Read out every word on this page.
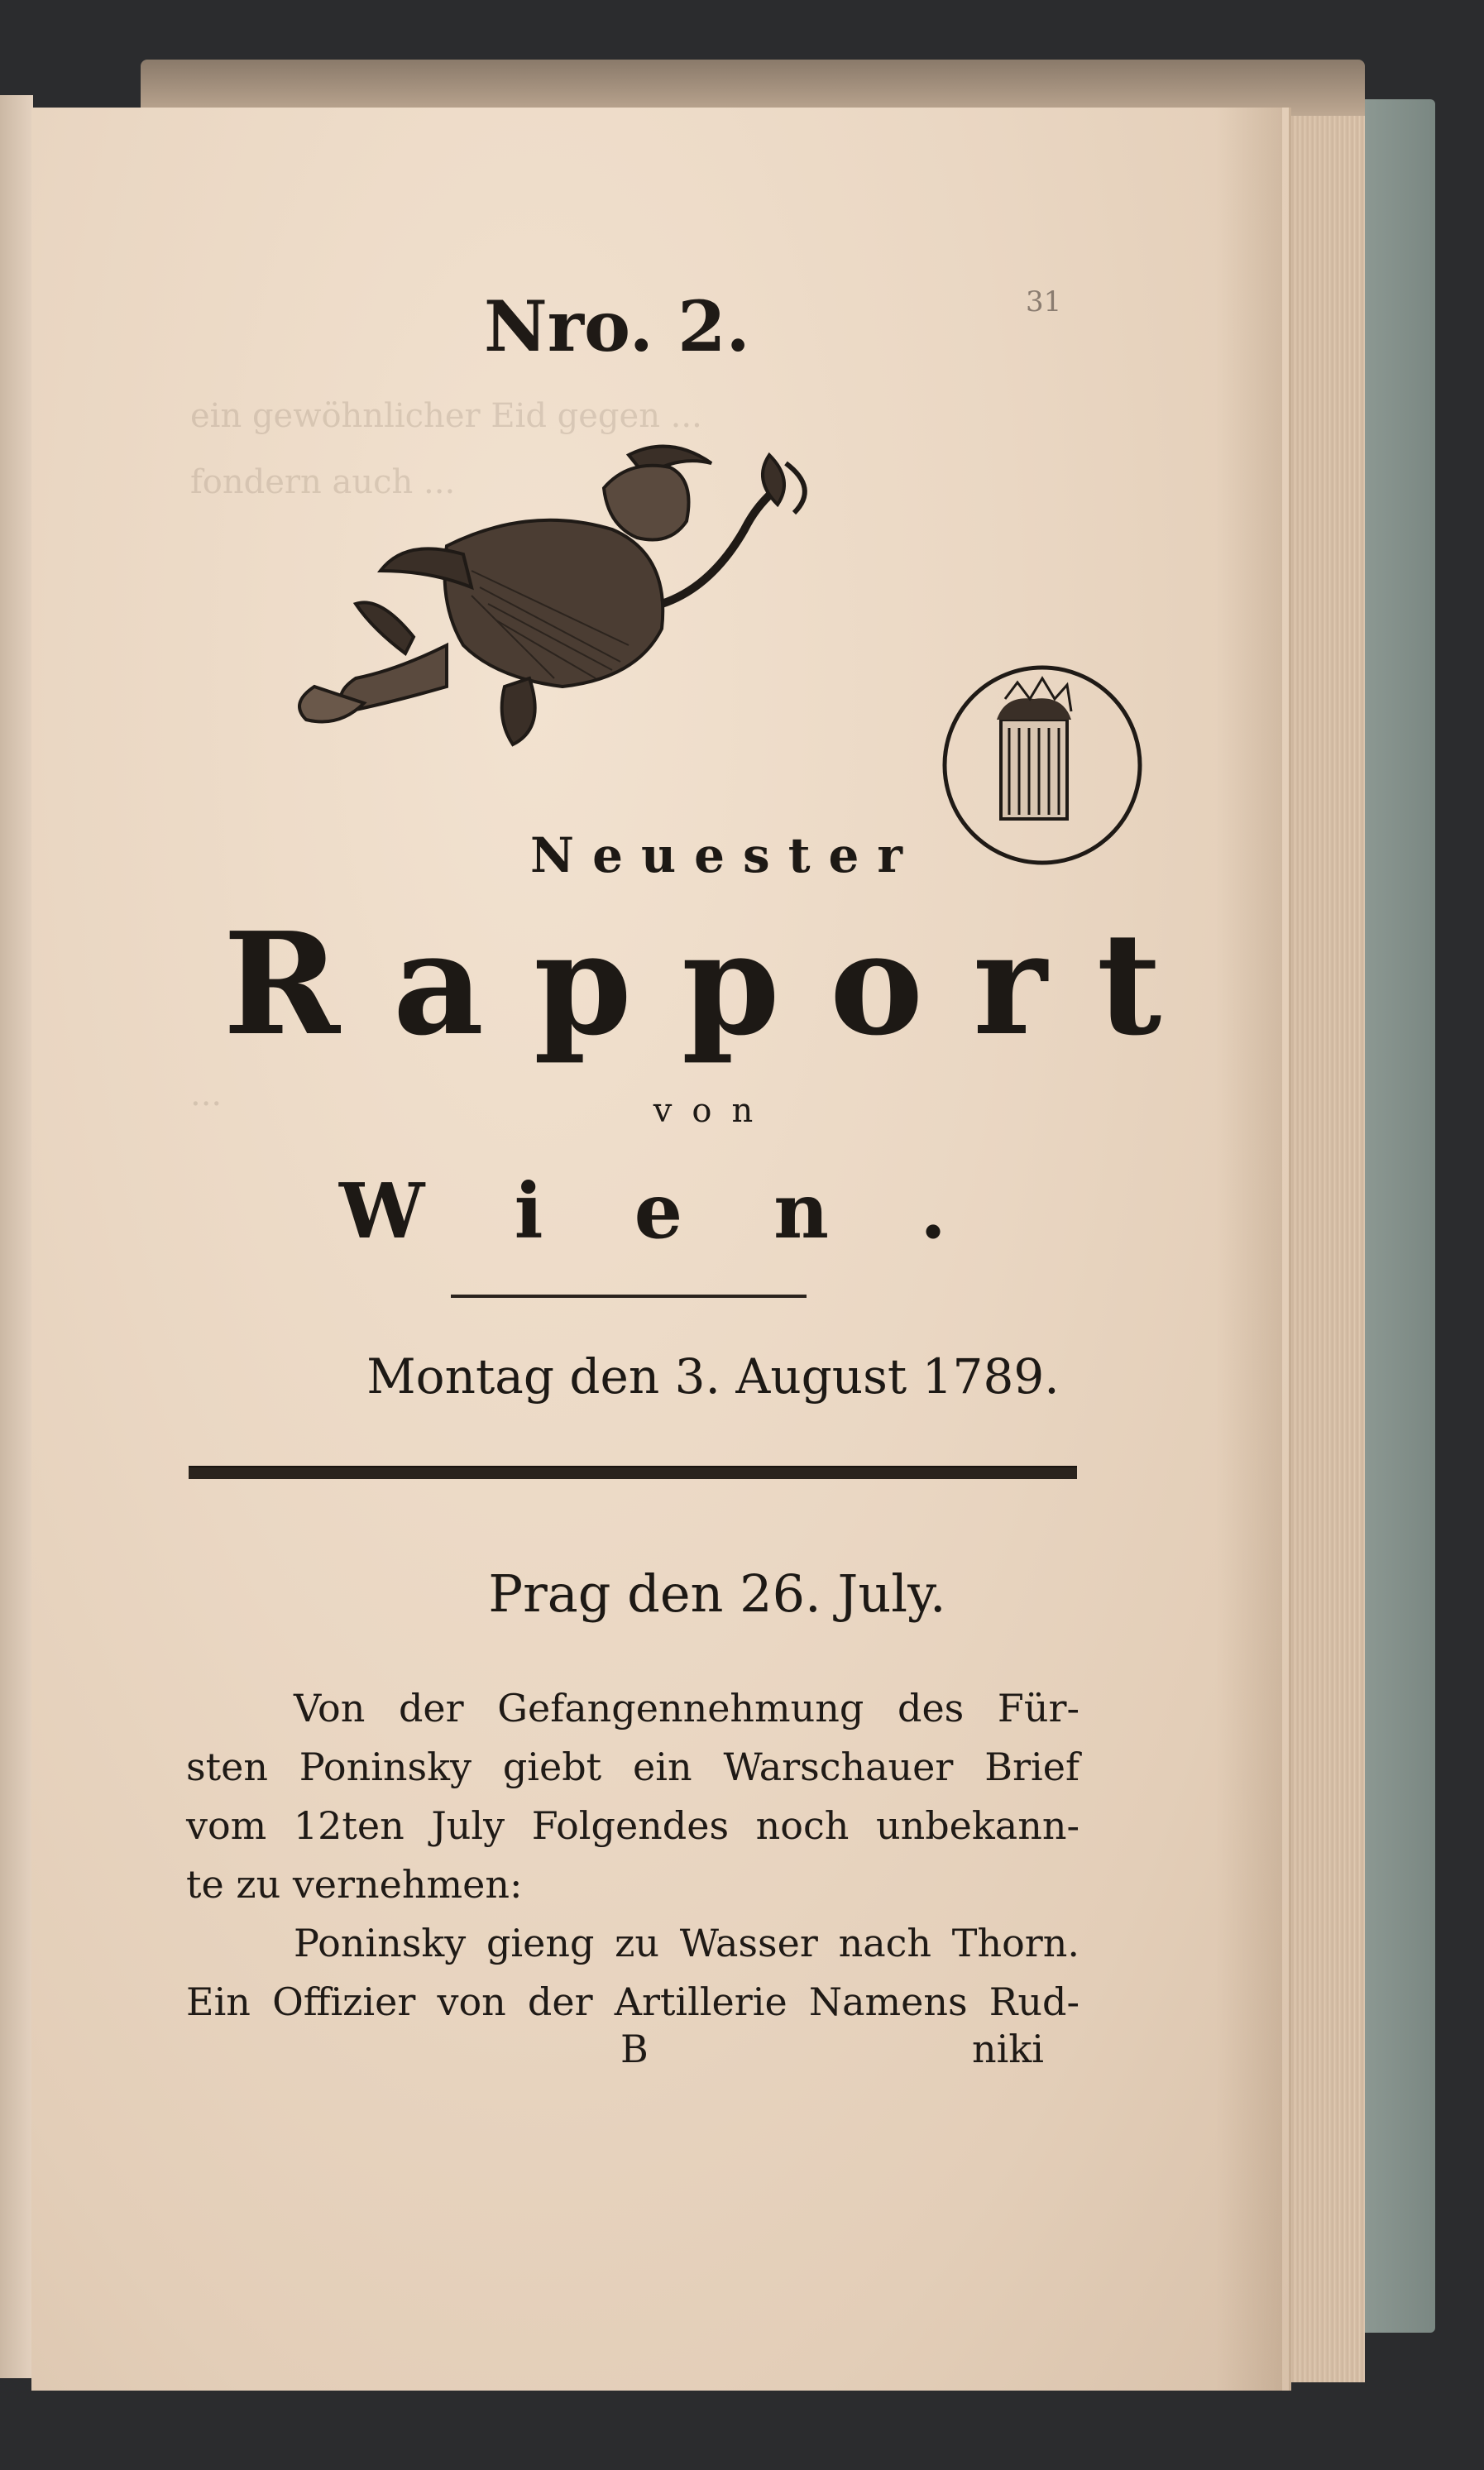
Nro. 2.	31
ein gewöhnlicher Eid gegen ...
fondern auch ...
...
Neuester
Rapport
von
Wien.
Montag den 3. August 1789.
Prag den 26. July.
Von der Gefangennehmung des Für-
sten Poninsky giebt ein Warschauer Brief
vom 12ten July Folgendes noch unbekann-
te zu vernehmen:
Poninsky gieng zu Wasser nach Thorn.
Ein Offizier von der Artillerie Namens Rud-
B	niki
